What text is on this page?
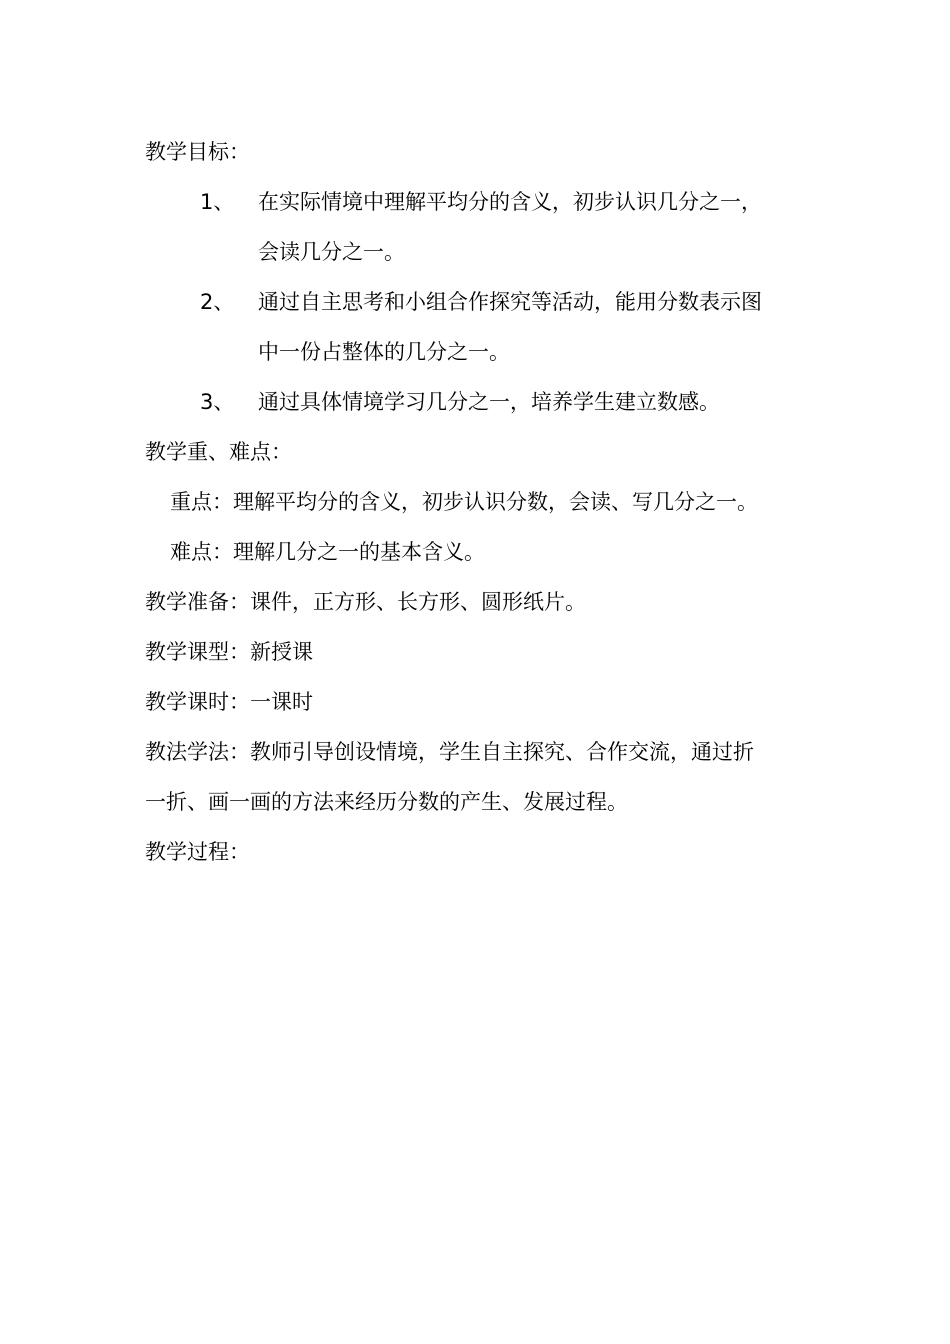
教学目标：
1、 在实际情境中理解平均分的含义，初步认识几分之一，
会读几分之一。
2、 通过自主思考和小组合作探究等活动，能用分数表示图
中一份占整体的几分之一。
3、 通过具体情境学习几分之一，培养学生建立数感。
教学重、难点：
重点：理解平均分的含义，初步认识分数，会读、写几分之一。
难点：理解几分之一的基本含义。
教学准备：课件，正方形、长方形、圆形纸片。
教学课型：新授课
教学课时：一课时
教法学法：教师引导创设情境，学生自主探究、合作交流，通过折
一折、画一画的方法来经历分数的产生、发展过程。
教学过程：
